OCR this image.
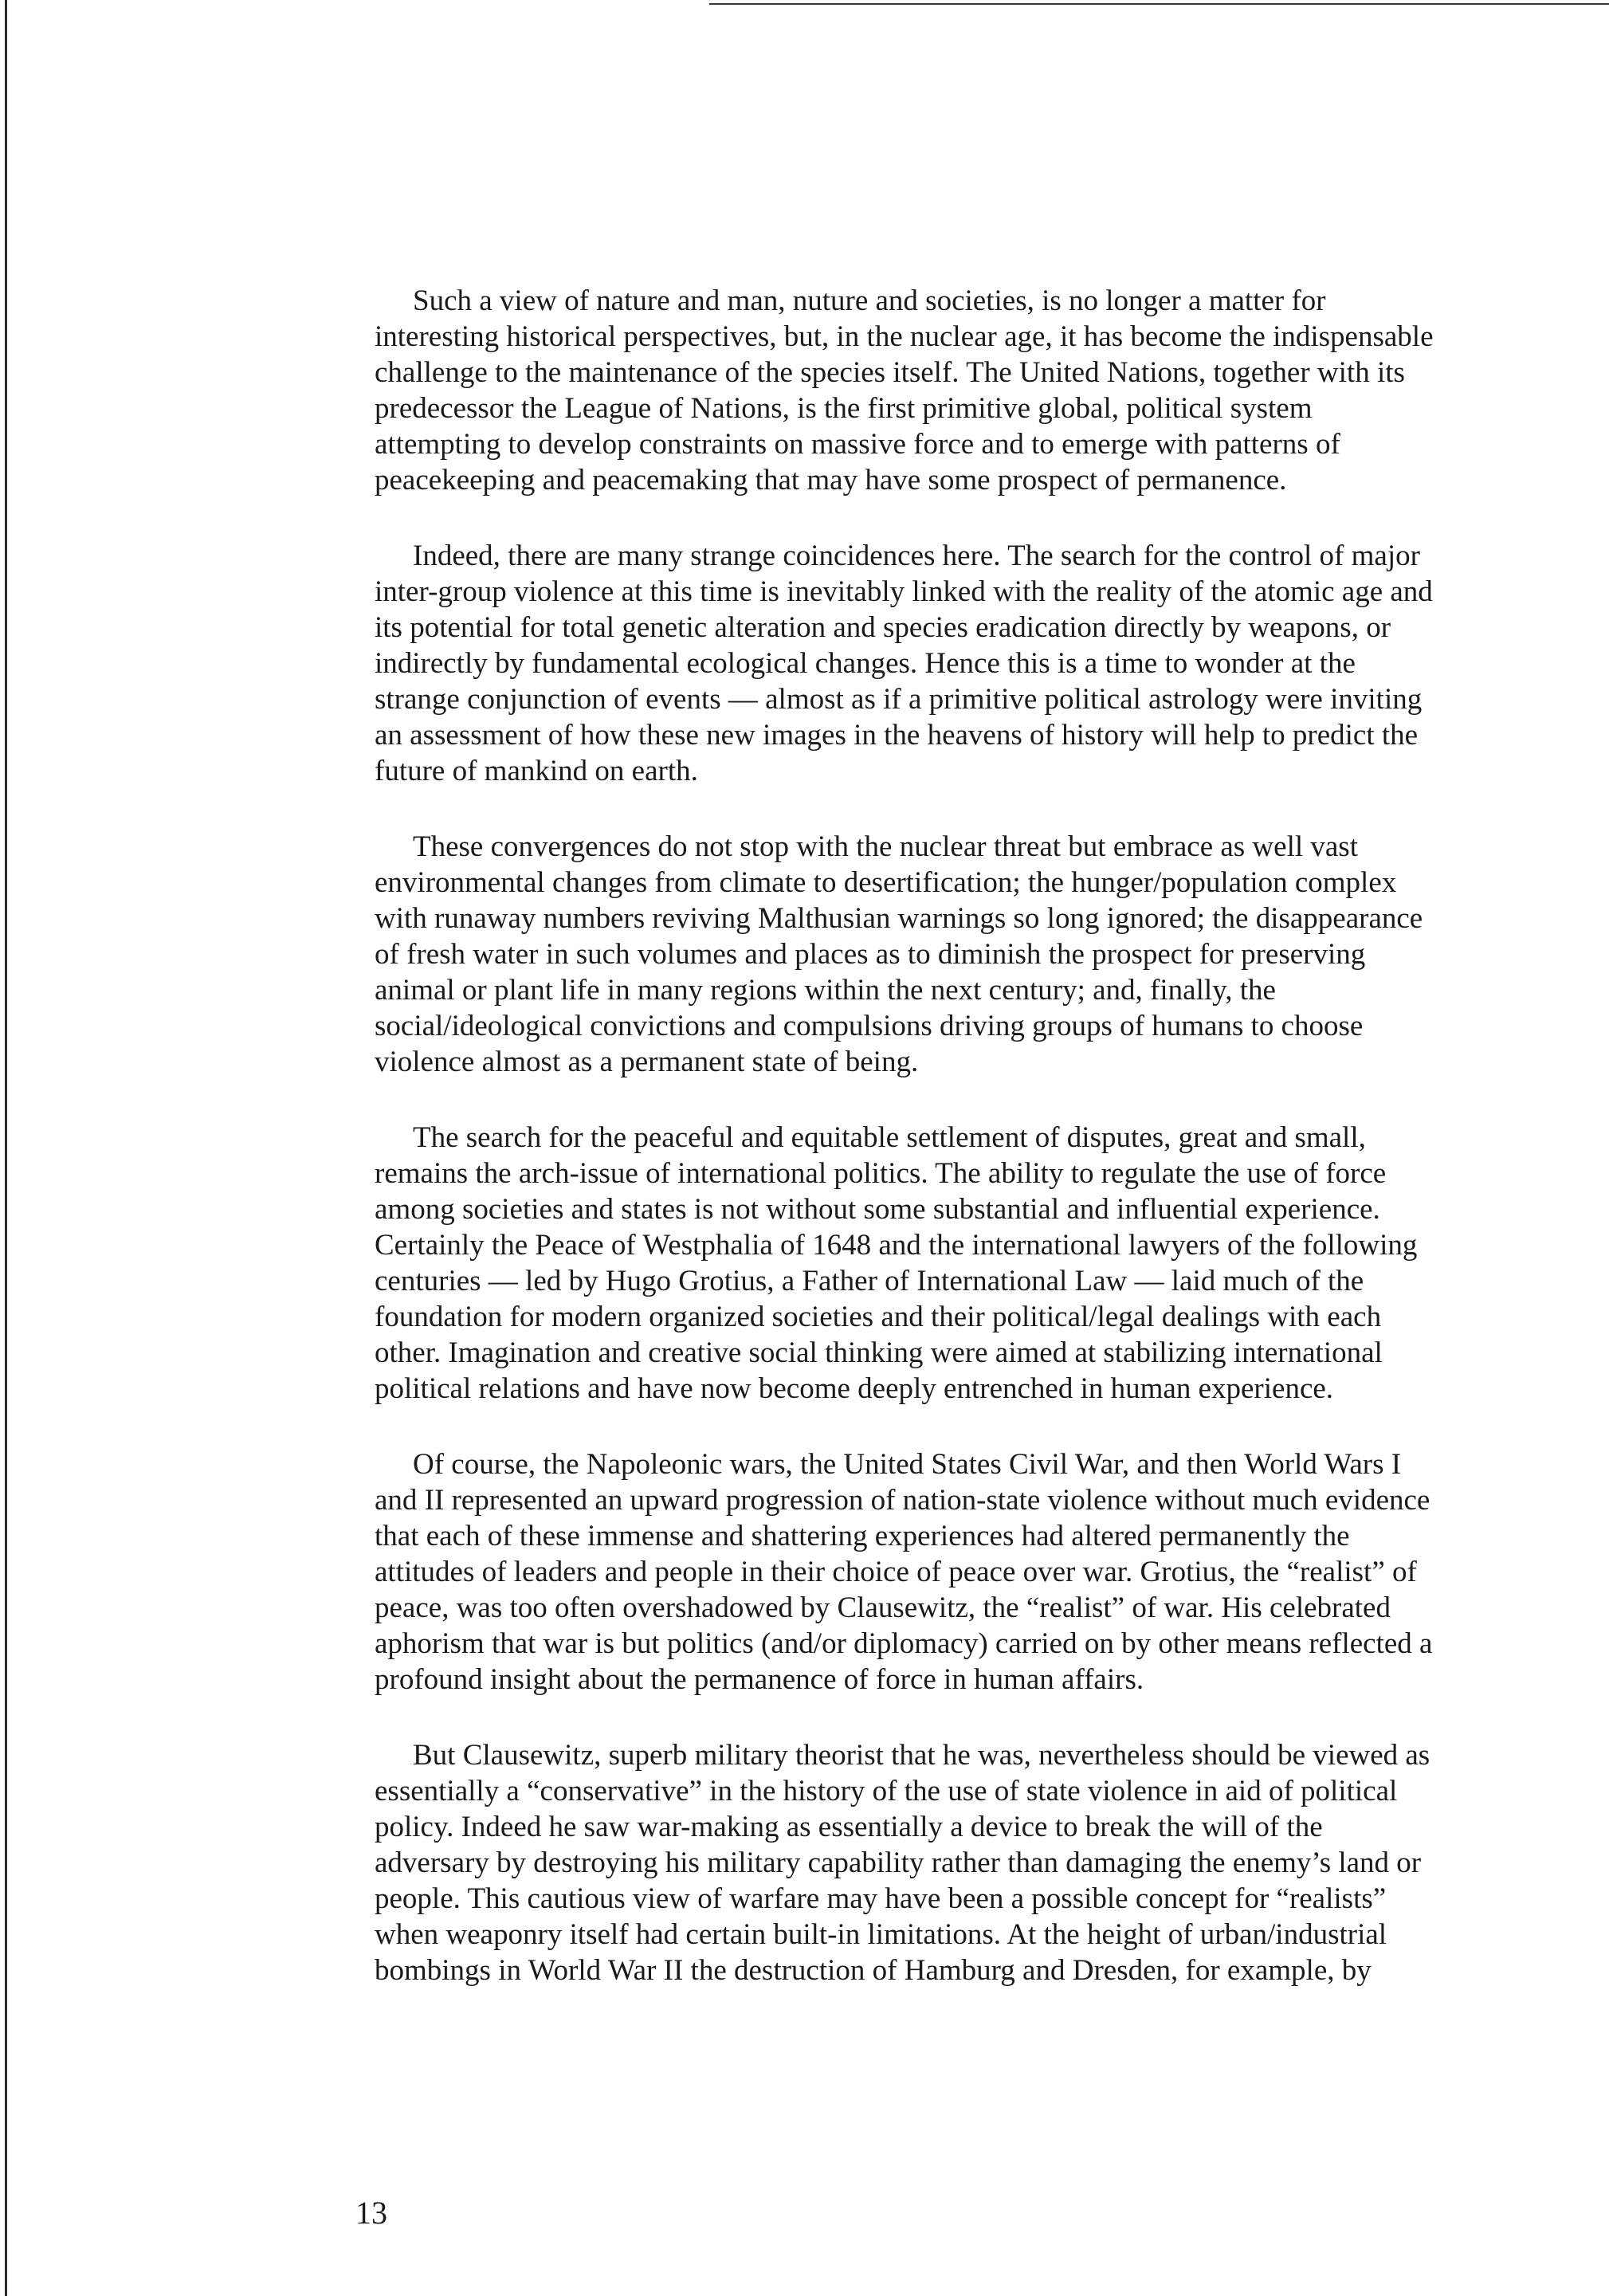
Such a view of nature and man, nuture and societies, is no longer a matter for interesting historical perspectives, but, in the nuclear age, it has become the indispensable challenge to the maintenance of the species itself. The United Nations, together with its predecessor the League of Nations, is the first primitive global, political system attempting to develop constraints on massive force and to emerge with patterns of peacekeeping and peacemaking that may have some prospect of permanence.

Indeed, there are many strange coincidences here. The search for the control of major inter-group violence at this time is inevitably linked with the reality of the atomic age and its potential for total genetic alteration and species eradication directly by weapons, or indirectly by fundamental ecological changes. Hence this is a time to wonder at the strange conjunction of events — almost as if a primitive political astrology were inviting an assessment of how these new images in the heavens of history will help to predict the future of mankind on earth.

These convergences do not stop with the nuclear threat but embrace as well vast environmental changes from climate to desertification; the hunger/population complex with runaway numbers reviving Malthusian warnings so long ignored; the disappearance of fresh water in such volumes and places as to diminish the prospect for preserving animal or plant life in many regions within the next century; and, finally, the social/ideological convictions and compulsions driving groups of humans to choose violence almost as a permanent state of being.

The search for the peaceful and equitable settlement of disputes, great and small, remains the arch-issue of international politics. The ability to regulate the use of force among societies and states is not without some substantial and influential experience. Certainly the Peace of Westphalia of 1648 and the international lawyers of the following centuries — led by Hugo Grotius, a Father of International Law — laid much of the foundation for modern organized societies and their political/legal dealings with each other. Imagination and creative social thinking were aimed at stabilizing international political relations and have now become deeply entrenched in human experience.

Of course, the Napoleonic wars, the United States Civil War, and then World Wars I and II represented an upward progression of nation-state violence without much evidence that each of these immense and shattering experiences had altered permanently the attitudes of leaders and people in their choice of peace over war. Grotius, the “realist” of peace, was too often overshadowed by Clausewitz, the “realist” of war. His celebrated aphorism that war is but politics (and/or diplomacy) carried on by other means reflected a profound insight about the permanence of force in human affairs.

But Clausewitz, superb military theorist that he was, nevertheless should be viewed as essentially a “conservative” in the history of the use of state violence in aid of political policy. Indeed he saw war-making as essentially a device to break the will of the adversary by destroying his military capability rather than damaging the enemy’s land or people. This cautious view of warfare may have been a possible concept for “realists” when weaponry itself had certain built-in limitations. At the height of urban/industrial bombings in World War II the destruction of Hamburg and Dresden, for example, by

13
